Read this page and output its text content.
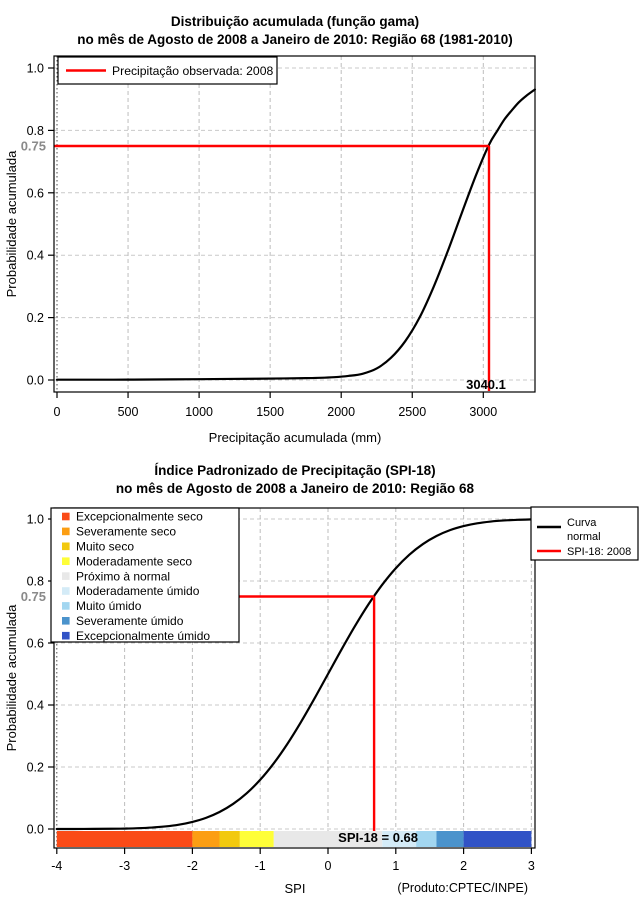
0.75
3040.1
0	500	1000	1500	2000	2500	3000
0.0
0.2
0.4
0.6
0.8
1.0
Distribuição acumulada (função gama)
no mês de Agosto de 2008 a Janeiro de 2010: Região 68 (1981-2010)
Precipitação acumulada (mm)
Probabilidade acumulada
Precipitação observada: 2008
0.75
SPI-18 = 0.68
-4	-3	-2	-1	0	1	2	3
0.0
0.2
0.4
0.6
0.8
1.0
Índice Padronizado de Precipitação (SPI-18)
no mês de Agosto de 2008 a Janeiro de 2010: Região 68
SPI
Probabilidade acumulada
(Produto:CPTEC/INPE)
Curva normal
SPI-18: 2008
Excepcionalmente seco
Severamente seco
Muito seco
Moderadamente seco
Próximo à normal
Moderadamente úmido
Muito úmido
Severamente úmido
Excepcionalmente úmido
